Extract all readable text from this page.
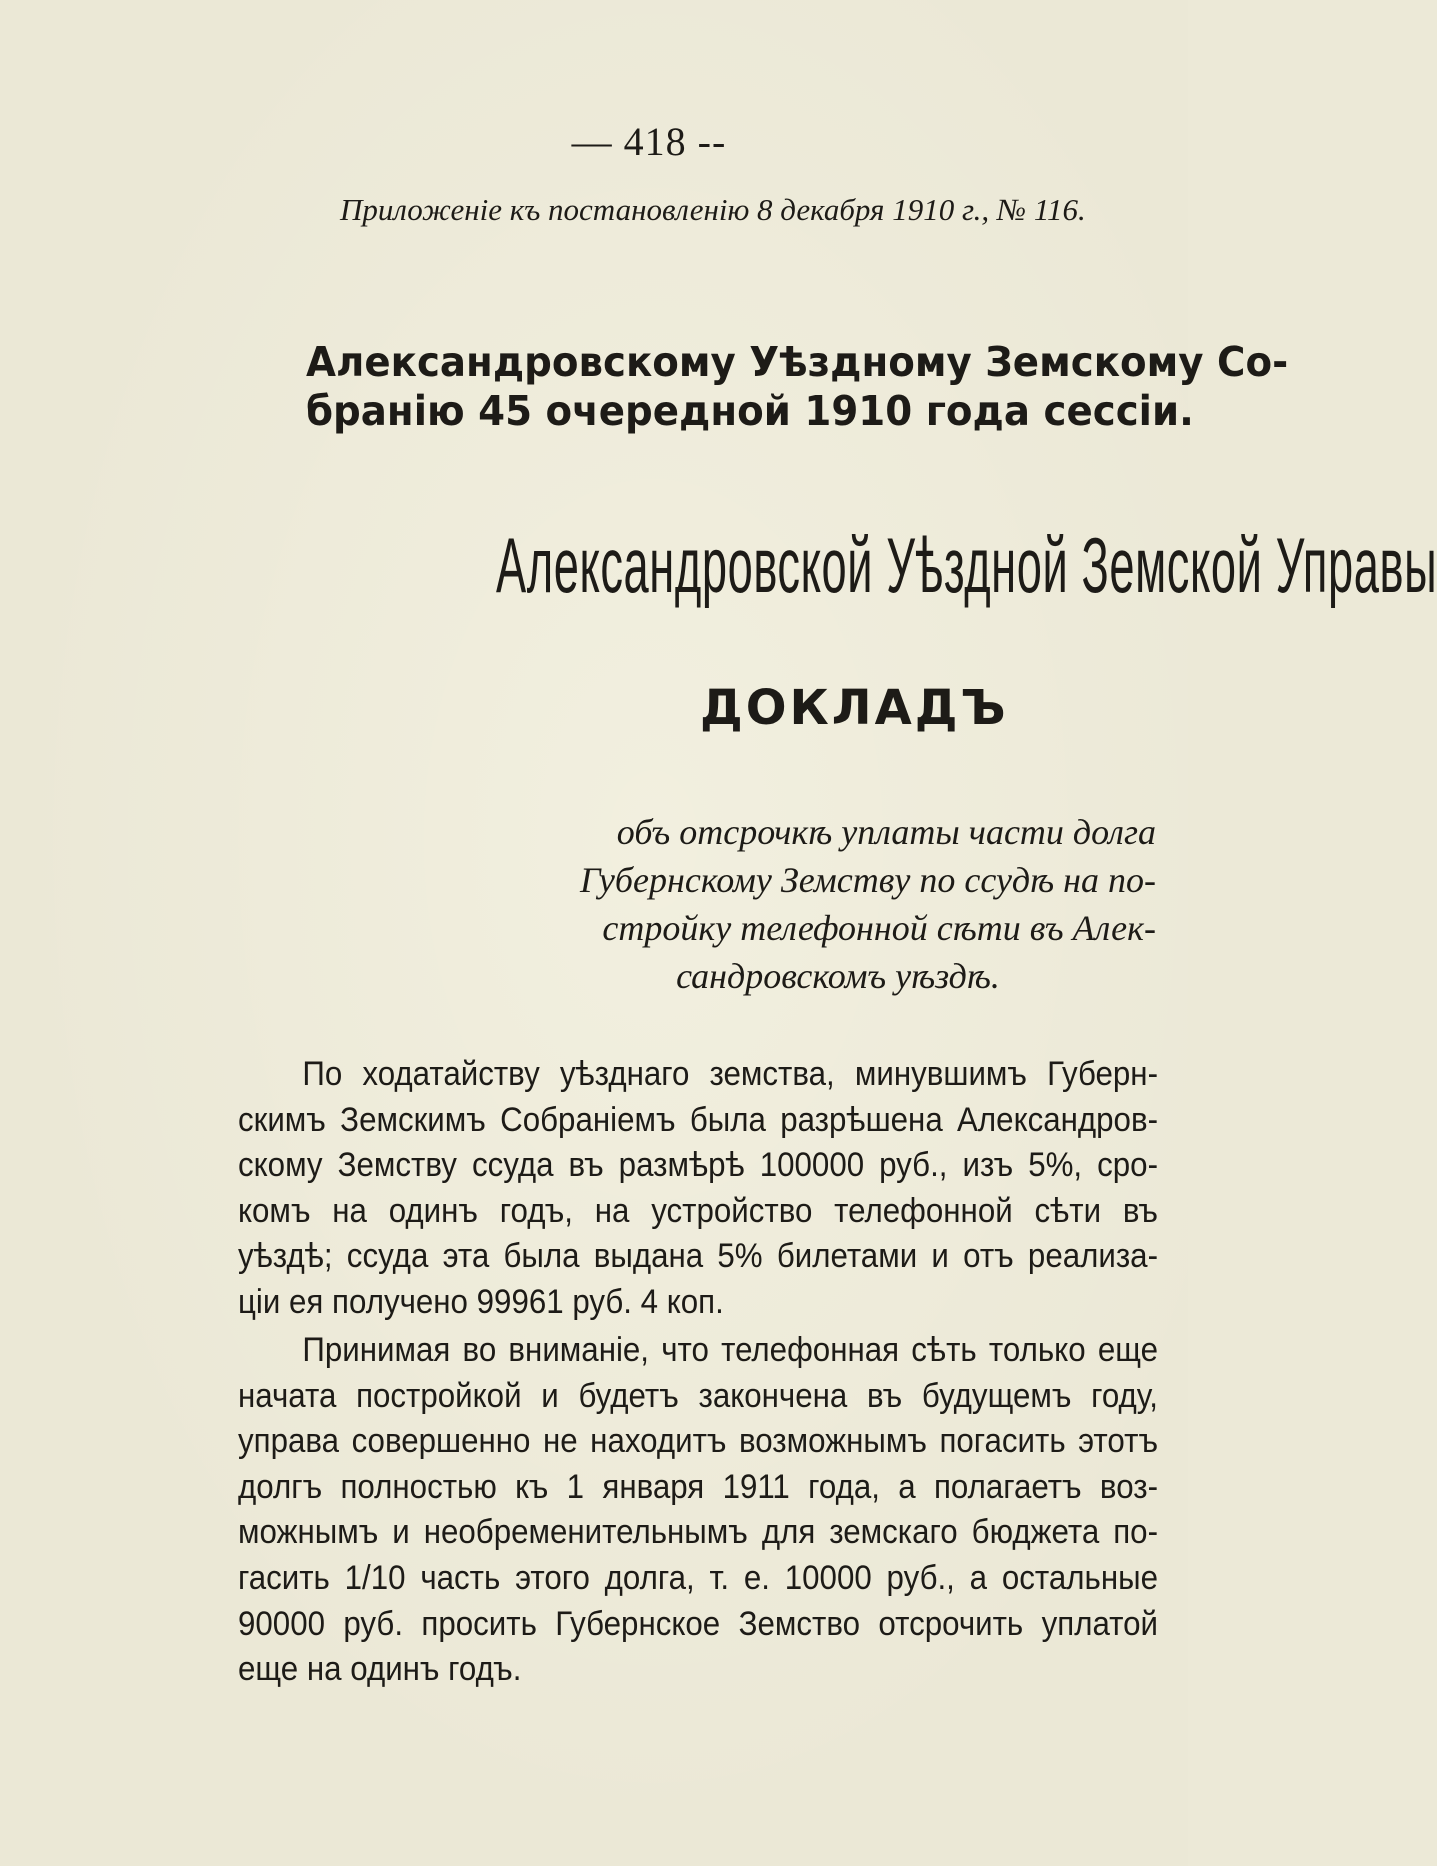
— 418 --
Приложеніе къ постановленію 8 декабря 1910 г., № 116.
Александровскому Уѣздному Земскому Со-
бранію 45 очередной 1910 года сессіи.
Александровской Уѣздной Земской Управы
ДОКЛАДЪ
объ отсрочкѣ уплаты части долга
Губернскому Земству по ссудѣ на по-
стройку телефонной сѣти въ Алек-
сандровскомъ уѣздѣ.
По ходатайству уѣзднаго земства, минувшимъ Губерн-
скимъ Земскимъ Собраніемъ была разрѣшена Александров-
скому Земству ссуда въ размѣрѣ 100000 руб., изъ 5%, сро-
комъ на одинъ годъ, на устройство телефонной сѣти въ
уѣздѣ; ссуда эта была выдана 5% билетами и отъ реализа-
ціи ея получено 99961 руб. 4 коп.
Принимая во вниманіе, что телефонная сѣть только еще
начата постройкой и будетъ закончена въ будущемъ году,
управа совершенно не находитъ возможнымъ погасить этотъ
долгъ полностью къ 1 января 1911 года, а полагаетъ воз-
можнымъ и необременительнымъ для земскаго бюджета по-
гасить 1/10 часть этого долга, т. е. 10000 руб., а остальные
90000 руб. просить Губернское Земство отсрочить уплатой
еще на одинъ годъ.
